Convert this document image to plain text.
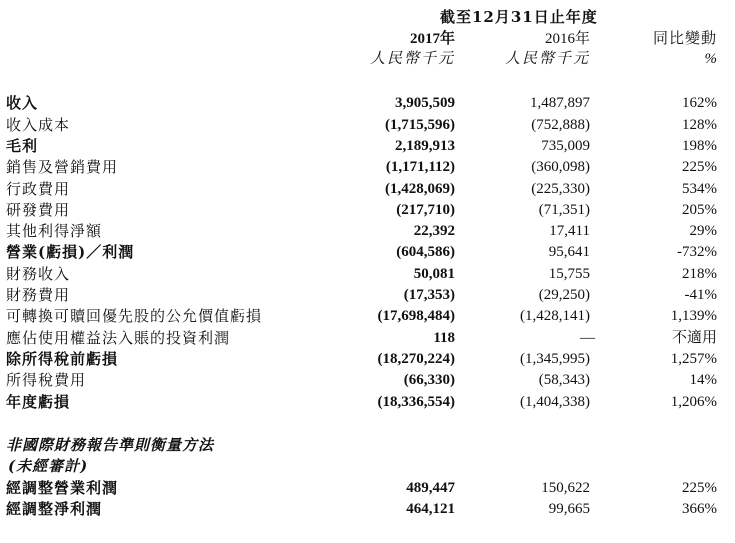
截至12月31日止年度
2017年	2016年	同比變動
人民幣千元	人民幣千元	%
收入	3,905,509	1,487,897	162%
收入成本	(1,715,596)	(752,888)	128%
毛利	2,189,913	735,009	198%
銷售及營銷費用	(1,171,112)	(360,098)	225%
行政費用	(1,428,069)	(225,330)	534%
研發費用	(217,710)	(71,351)	205%
其他利得淨額	22,392	17,411	29%
營業(虧損)／利潤	(604,586)	95,641	-732%
財務收入	50,081	15,755	218%
財務費用	(17,353)	(29,250)	-41%
可轉換可贖回優先股的公允價值虧損	(17,698,484)	(1,428,141)	1,139%
應佔使用權益法入賬的投資利潤	118	—	不適用
除所得稅前虧損	(18,270,224)	(1,345,995)	1,257%
所得稅費用	(66,330)	(58,343)	14%
年度虧損	(18,336,554)	(1,404,338)	1,206%
非國際財務報告準則衡量方法
(未經審計)
經調整營業利潤	489,447	150,622	225%
經調整淨利潤	464,121	99,665	366%
